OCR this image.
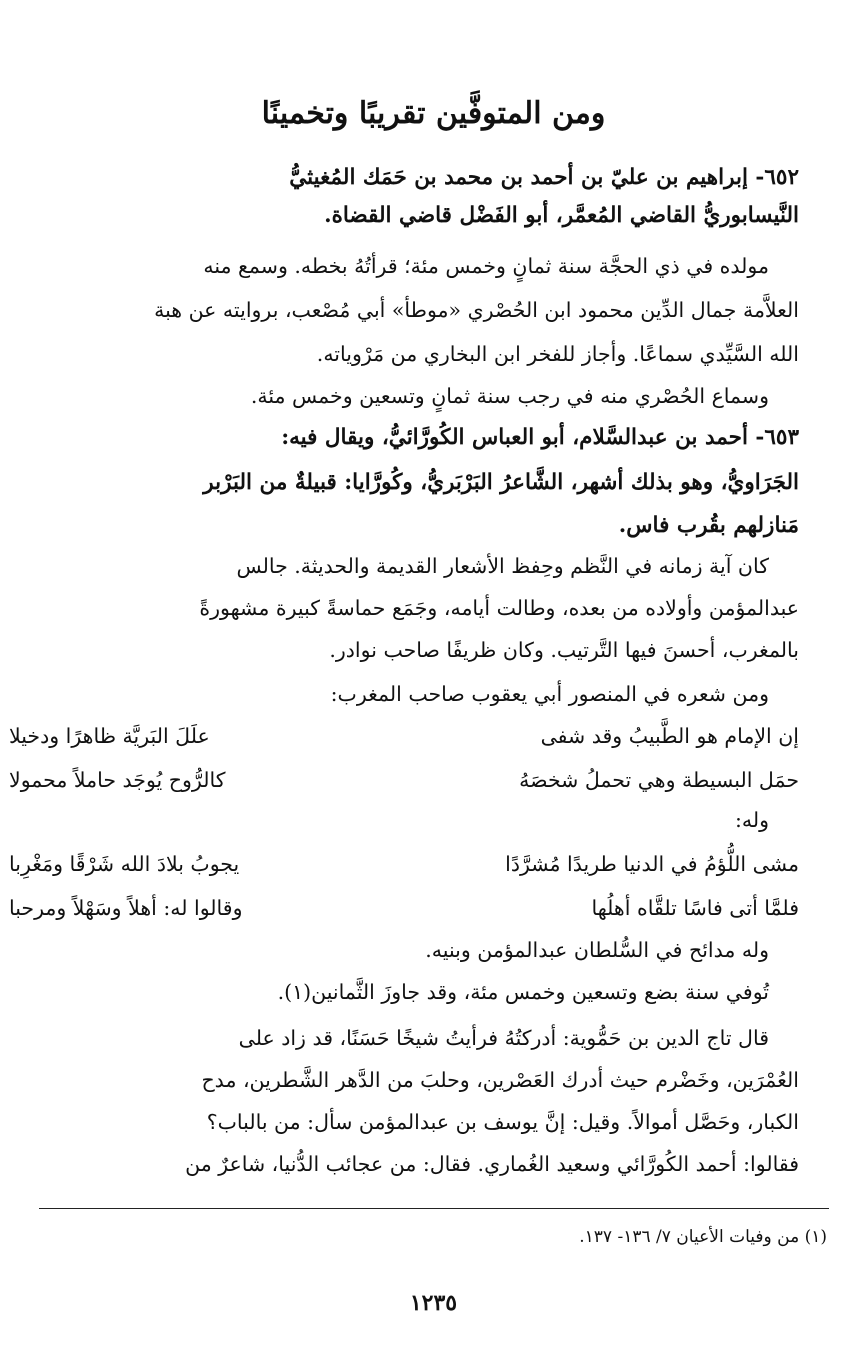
ومن المتوفَّين تقريبًا وتخمينًا
٦٥٢- إبراهيم بن عليّ بن أحمد بن محمد بن حَمَك المُغيثيُّ
النَّيسابوريُّ القاضي المُعمَّر، أبو الفَضْل قاضي القضاة.
مولده في ذي الحجَّة سنة ثمانٍ وخمس مئة؛ قرأتُهُ بخطه. وسمع منه
العلاَّمة جمال الدِّين محمود ابن الحُصْري «موطأ» أبي مُصْعب، بروايته عن هبة
الله السَّيِّدي سماعًا. وأجاز للفخر ابن البخاري من مَرْوياته.
وسماع الحُصْري منه في رجب سنة ثمانٍ وتسعين وخمس مئة.
٦٥٣- أحمد بن عبدالسَّلام، أبو العباس الكُورَّائيُّ، ويقال فيه:
الجَرَاويُّ، وهو بذلك أشهر، الشَّاعرُ البَرْبَريُّ، وكُورَّايا: قبيلةٌ من البَرْبر
مَنازلهم بقُرب فاس.
كان آية زمانه في النَّظم وحِفظ الأشعار القديمة والحديثة. جالس
عبدالمؤمن وأولاده من بعده، وطالت أيامه، وجَمَع حماسةً كبيرة مشهورةً
بالمغرب، أحسنَ فيها التَّرتيب. وكان ظريفًا صاحب نوادر.
ومن شعره في المنصور أبي يعقوب صاحب المغرب:
إن الإمام هو الطَّبيبُ وقد شفى
علَلَ البَريَّة ظاهرًا ودخيلا
حمَل البسيطة وهي تحملُ شخصَهُ
كالرُّوح يُوجَد حاملاً محمولا
وله:
مشى اللُّؤمُ في الدنيا طريدًا مُشرَّدًا
يجوبُ بلادَ الله شَرْقًا ومَغْرِبا
فلمَّا أتى فاسًا تلقَّاه أهلُها
وقالوا له: أهلاً وسَهْلاً ومرحبا
وله مدائح في السُّلطان عبدالمؤمن وبنيه.
تُوفي سنة بضع وتسعين وخمس مئة، وقد جاوزَ الثَّمانين(١).
قال تاج الدين بن حَمُّوية: أدركتُهُ فرأيتُ شيخًا حَسَنًا، قد زاد على
العُمْرَين، وخَضْرم حيث أدرك العَصْرين، وحلبَ من الدَّهر الشَّطرين، مدح
الكبار، وحَصَّل أموالاً. وقيل: إنَّ يوسف بن عبدالمؤمن سأل: من بالباب؟
فقالوا: أحمد الكُورَّائي وسعيد الغُماري. فقال: من عجائب الدُّنيا، شاعرٌ من
(١) من وفيات الأعيان ٧/ ١٣٦- ١٣٧.
١٢٣٥
